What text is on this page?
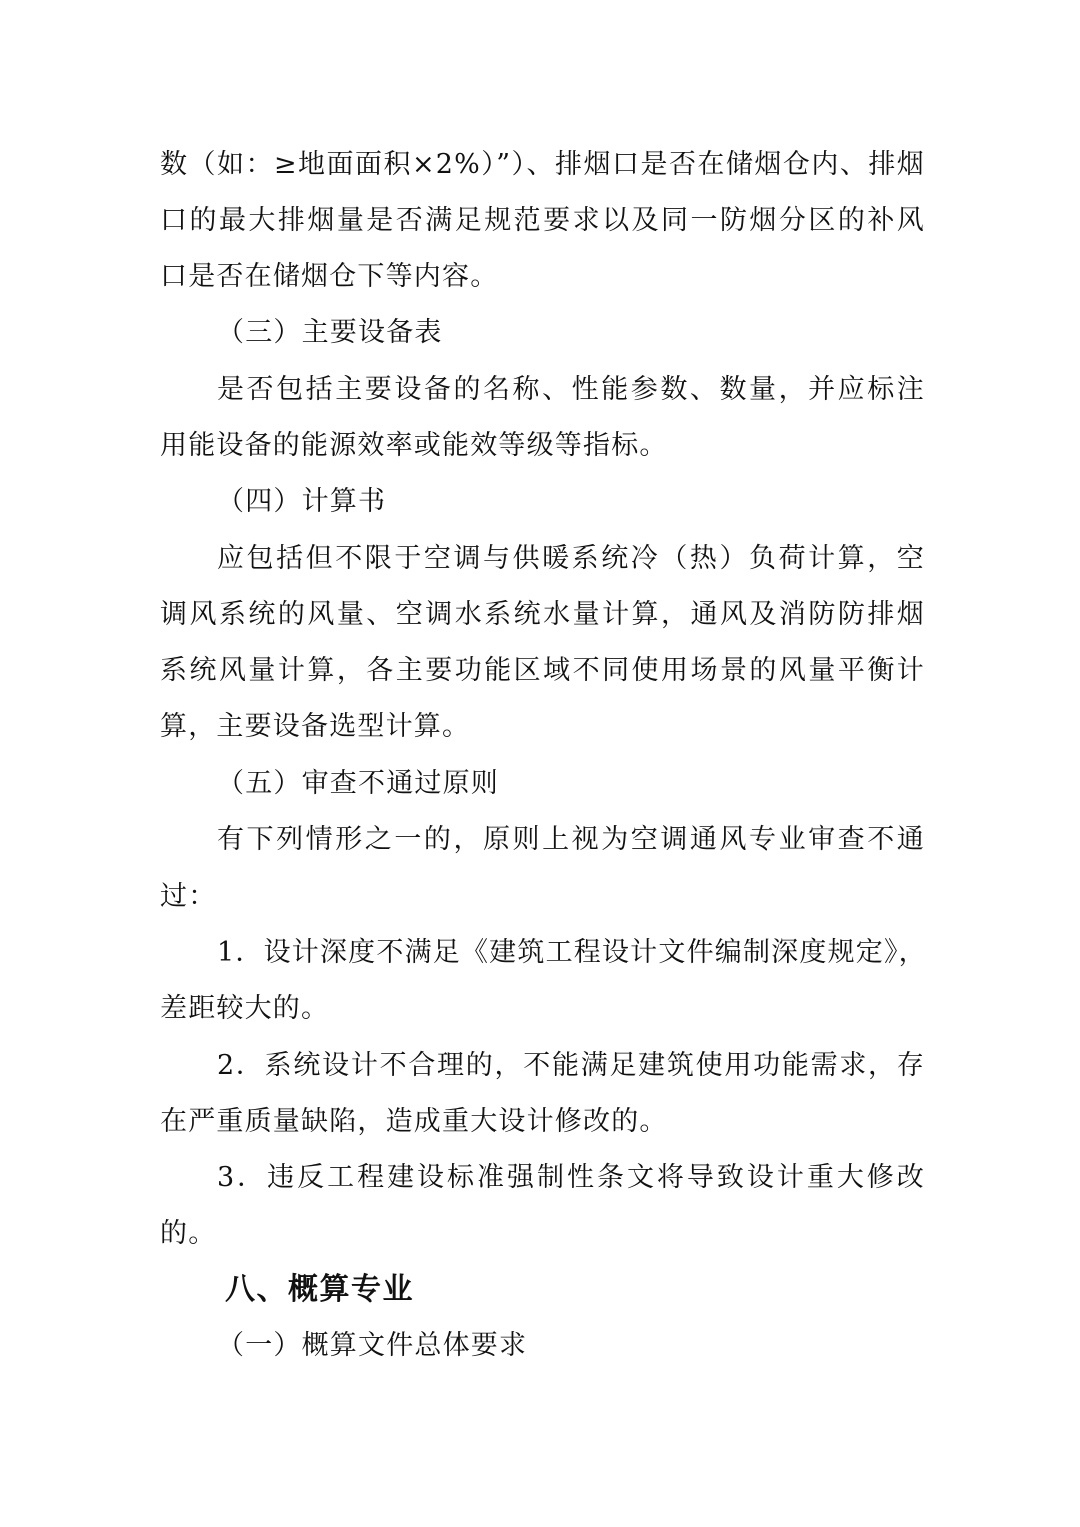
数（如：≥地面面积×2%）”）、排烟口是否在储烟仓内、排烟
口的最大排烟量是否满足规范要求以及同一防烟分区的补风
口是否在储烟仓下等内容。
（三）主要设备表
是否包括主要设备的名称、性能参数、数量，并应标注
用能设备的能源效率或能效等级等指标。
（四）计算书
应包括但不限于空调与供暖系统冷（热）负荷计算，空
调风系统的风量、空调水系统水量计算，通风及消防防排烟
系统风量计算，各主要功能区域不同使用场景的风量平衡计
算，主要设备选型计算。
（五）审查不通过原则
有下列情形之一的，原则上视为空调通风专业审查不通
过：
1．设计深度不满足《建筑工程设计文件编制深度规定》，
差距较大的。
2．系统设计不合理的，不能满足建筑使用功能需求，存
在严重质量缺陷，造成重大设计修改的。
3．违反工程建设标准强制性条文将导致设计重大修改
的。
八、概算专业
（一）概算文件总体要求
